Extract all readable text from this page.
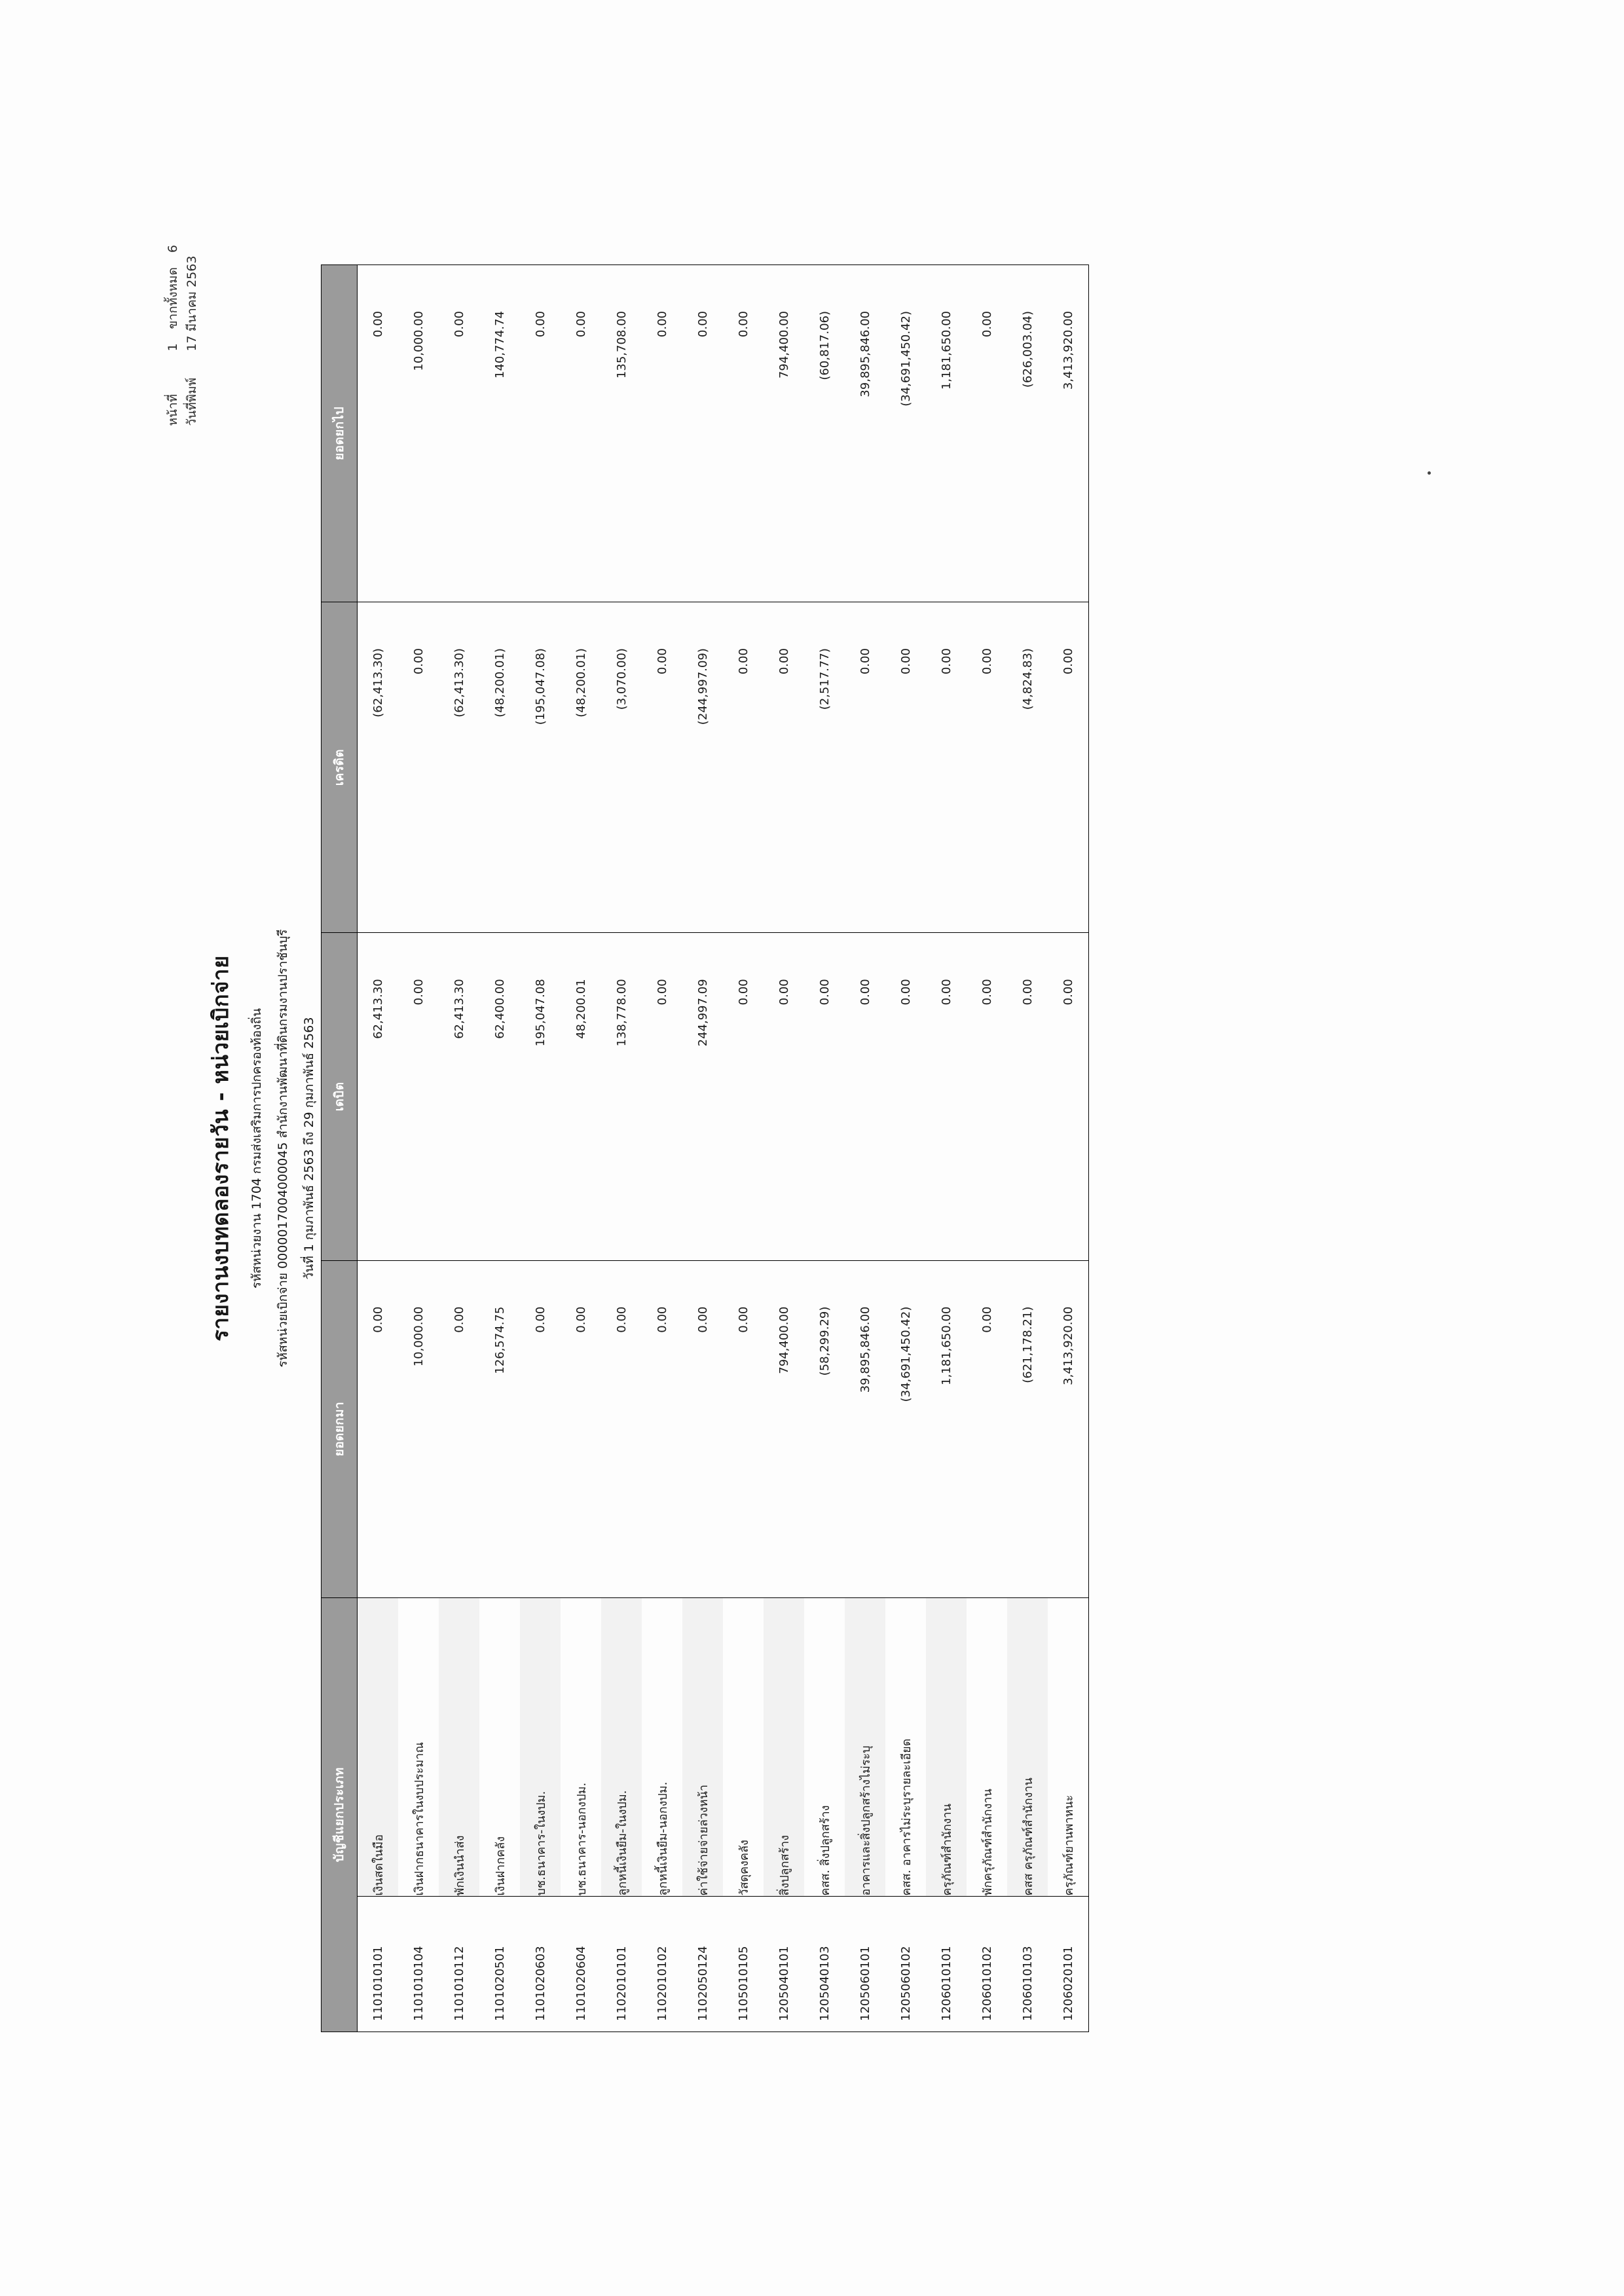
หน้าที่
1
ขากทั้งหมด
6
วันที่พิมพ์
17 มีนาคม 2563
รายงานงบทดลองรายวัน - หน่วยเบิกจ่าย	รหัสหน่วยงาน 1704 กรมส่งเสริมการปกครองท้องถิ่น รหัสหน่วยเบิกจ่าย 0000017004000045 สำนักงานพัฒนาที่ดินกรมงานปราชันบุรี วันที่ 1 กุมภาพันธ์ 2563 ถึง 29 กุมภาพันธ์ 2563
บัญชีแยกประเภท		ยอดยกมา	เดบิต	เครดิต	ยอดยกไป
1101010101	เงินสดในมือ	0.00	62,413.30	(62,413.30)	0.00
1101010104	เงินฝากธนาคารในงบประมาณ	10,000.00	0.00	0.00	10,000.00
1101010112	พักเงินนำส่ง	0.00	62,413.30	(62,413.30)	0.00
1101020501	เงินฝากคลัง	126,574.75	62,400.00	(48,200.01)	140,774.74
1101020603	บช.ธนาคาร-ในงปม.	0.00	195,047.08	(195,047.08)	0.00
1101020604	บช.ธนาคาร-นอกงปม.	0.00	48,200.01	(48,200.01)	0.00
1102010101	ลูกหนี้เงินยืม-ในงปม.	0.00	138,778.00	(3,070.00)	135,708.00
1102010102	ลูกหนี้เงินยืม-นอกงปม.	0.00	0.00	0.00	0.00
1102050124	ค่าใช้จ่ายจ่ายล่วงหน้า	0.00	244,997.09	(244,997.09)	0.00
1105010105	วัสดุคงคลัง	0.00	0.00	0.00	0.00
1205040101	สิ่งปลูกสร้าง	794,400.00	0.00	0.00	794,400.00
1205040103	คสส. สิ่งปลูกสร้าง	(58,299.29)	0.00	(2,517.77)	(60,817.06)
1205060101	อาคารและสิ่งปลูกสร้างไม่ระบุ	39,895,846.00	0.00	0.00	39,895,846.00
1205060102	คสส. อาคารไม่ระบุรายละเอียด	(34,691,450.42)	0.00	0.00	(34,691,450.42)
1206010101	ครุภัณฑ์สำนักงาน	1,181,650.00	0.00	0.00	1,181,650.00
1206010102	พักครุภัณฑ์สำนักงาน	0.00	0.00	0.00	0.00
1206010103	คสส ครุภัณฑ์สำนักงาน	(621,178.21)	0.00	(4,824.83)	(626,003.04)
1206020101	ครุภัณฑ์ยานพาหนะ	3,413,920.00	0.00	0.00	3,413,920.00
